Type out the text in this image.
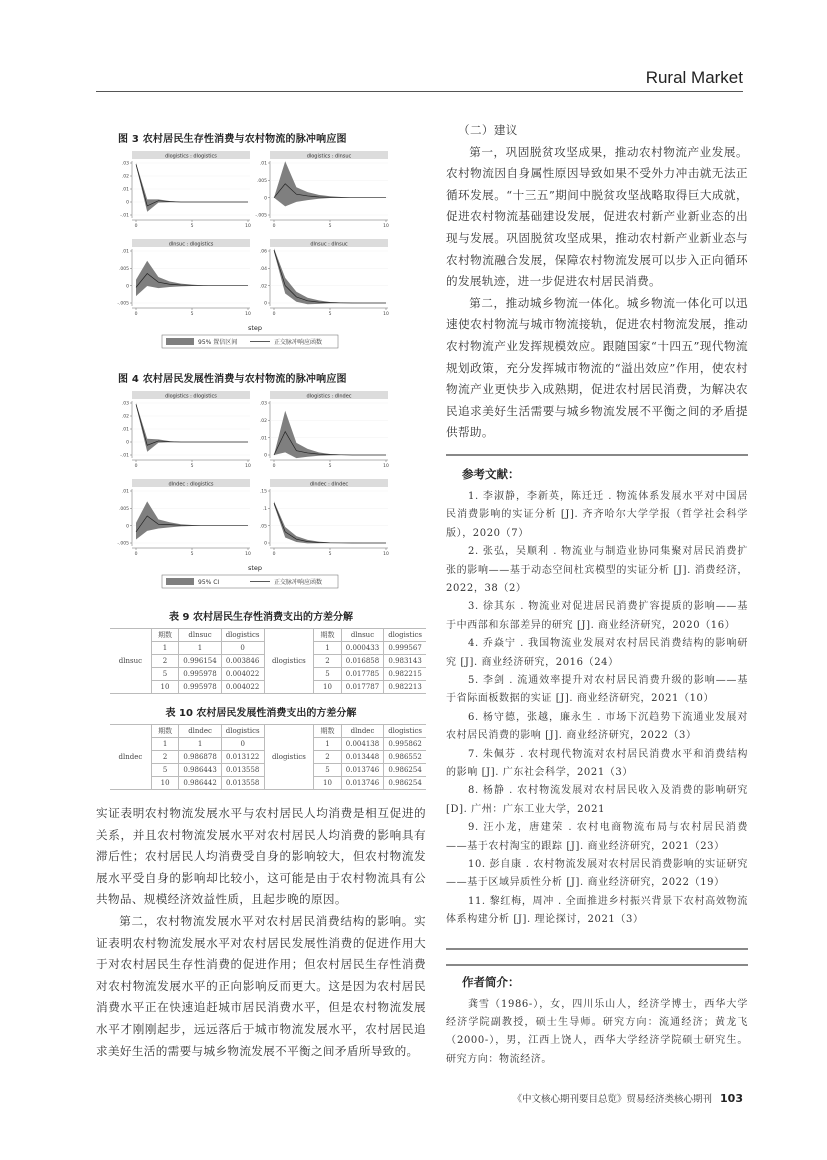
Rural Market
图 3 农村居民生存性消费与农村物流的脉冲响应图
dlogistics : dlogistics
.03
.02
.01
0
-.01
0	5	10
dlogistics : dlnsuc
.01
.005
0
-.005
0	5	10
dlnsuc : dlogistics
.01
.005
0
-.005
0	5	10
dlnsuc : dlnsuc
.06
.04
.02
0
0	5	10
step
95% 置信区间	正交脉冲响应函数
图 4 农村居民发展性消费与农村物流的脉冲响应图
dlogistics : dlogistics
.03
.02
.01
0
-.01
0	5	10
dlogistics : dlndec
.03
.02
.01
0
0	5	10
dlndec : dlogistics
.01
.005
0
-.005
0	5	10
dlndec : dlndec
.15
.1
.05
0
0	5	10
step
95% CI	正交脉冲响应函数
表 9 农村居民生存性消费支出的方差分解
dlnsuc	期数	dlnsuc	dlogistics	dlogistics	期数	dlnsuc	dlogistics
	1	1	0		1	0.000433	0.999567
	2	0.996154	0.003846		2	0.016858	0.983143
	5	0.995978	0.004022		5	0.017785	0.982215
	10	0.995978	0.004022		10	0.017787	0.982213
表 10 农村居民发展性消费支出的方差分解
dlndec	期数	dlndec	dlogistics	dlogistics	期数	dlndec	dlogistics
	1	1	0		1	0.004138	0.995862
	2	0.986878	0.013122		2	0.013448	0.986552
	5	0.986443	0.013558		5	0.013746	0.986254
	10	0.986442	0.013558		10	0.013746	0.986254

实证表明农村物流发展水平与农村居民人均消费是相互促进的关系，并且农村物流发展水平对农村居民人均消费的影响具有滞后性；农村居民人均消费受自身的影响较大，但农村物流发展水平受自身的影响却比较小，这可能是由于农村物流具有公共物品、规模经济效益性质，且起步晚的原因。

第二，农村物流发展水平对农村居民消费结构的影响。实证表明农村物流发展水平对农村居民发展性消费的促进作用大于对农村居民生存性消费的促进作用；但农村居民生存性消费对农村物流发展水平的正向影响反而更大。这是因为农村居民消费水平正在快速追赶城市居民消费水平，但是农村物流发展水平才刚刚起步，远远落后于城市物流发展水平，农村居民追求美好生活的需要与城乡物流发展不平衡之间矛盾所导致的。

（二）建议

第一，巩固脱贫攻坚成果，推动农村物流产业发展。农村物流因自身属性原因导致如果不受外力冲击就无法正循环发展。“十三五”期间中脱贫攻坚战略取得巨大成就，促进农村物流基础建设发展，促进农村新产业新业态的出现与发展。巩固脱贫攻坚成果，推动农村新产业新业态与农村物流融合发展，保障农村物流发展可以步入正向循环的发展轨迹，进一步促进农村居民消费。

第二，推动城乡物流一体化。城乡物流一体化可以迅速使农村物流与城市物流接轨，促进农村物流发展，推动农村物流产业发挥规模效应。跟随国家“十四五”现代物流规划政策，充分发挥城市物流的“溢出效应”作用，使农村物流产业更快步入成熟期，促进农村居民消费，为解决农民追求美好生活需要与城乡物流发展不平衡之间的矛盾提供帮助。

参考文献：

1. 李淑静，李新英，陈迁迁 . 物流体系发展水平对中国居民消费影响的实证分析 [J]. 齐齐哈尔大学学报（哲学社会科学版），2020（7）

2. 张弘，吴顺利 . 物流业与制造业协同集聚对居民消费扩张的影响——基于动态空间杜宾模型的实证分析 [J]. 消费经济，2022，38（2）

3. 徐其东 . 物流业对促进居民消费扩容提质的影响——基于中西部和东部差异的研究 [J]. 商业经济研究，2020（16）

4. 乔焱宁 . 我国物流业发展对农村居民消费结构的影响研究 [J]. 商业经济研究，2016（24）

5. 李剑 . 流通效率提升对农村居民消费升级的影响——基于省际面板数据的实证 [J]. 商业经济研究，2021（10）

6. 杨守德，张越，廉永生 . 市场下沉趋势下流通业发展对农村居民消费的影响 [J]. 商业经济研究，2022（3）

7. 朱佩芬 . 农村现代物流对农村居民消费水平和消费结构的影响 [J]. 广东社会科学，2021（3）

8. 杨静 . 农村物流发展对农村居民收入及消费的影响研究 [D]. 广州：广东工业大学，2021

9. 汪小龙，唐建荣 . 农村电商物流布局与农村居民消费——基于农村淘宝的跟踪 [J]. 商业经济研究，2021（23）

10. 彭自康 . 农村物流发展对农村居民消费影响的实证研究——基于区域异质性分析 [J]. 商业经济研究，2022（19）

11. 黎红梅，周冲 . 全面推进乡村振兴背景下农村高效物流体系构建分析 [J]. 理论探讨，2021（3）

作者简介：

龚雪（1986-），女，四川乐山人，经济学博士，西华大学经济学院副教授，硕士生导师。研究方向：流通经济；黄龙飞（2000-），男，江西上饶人，西华大学经济学院硕士研究生。研究方向：物流经济。

《中文核心期刊要目总览》贸易经济类核心期刊 103
